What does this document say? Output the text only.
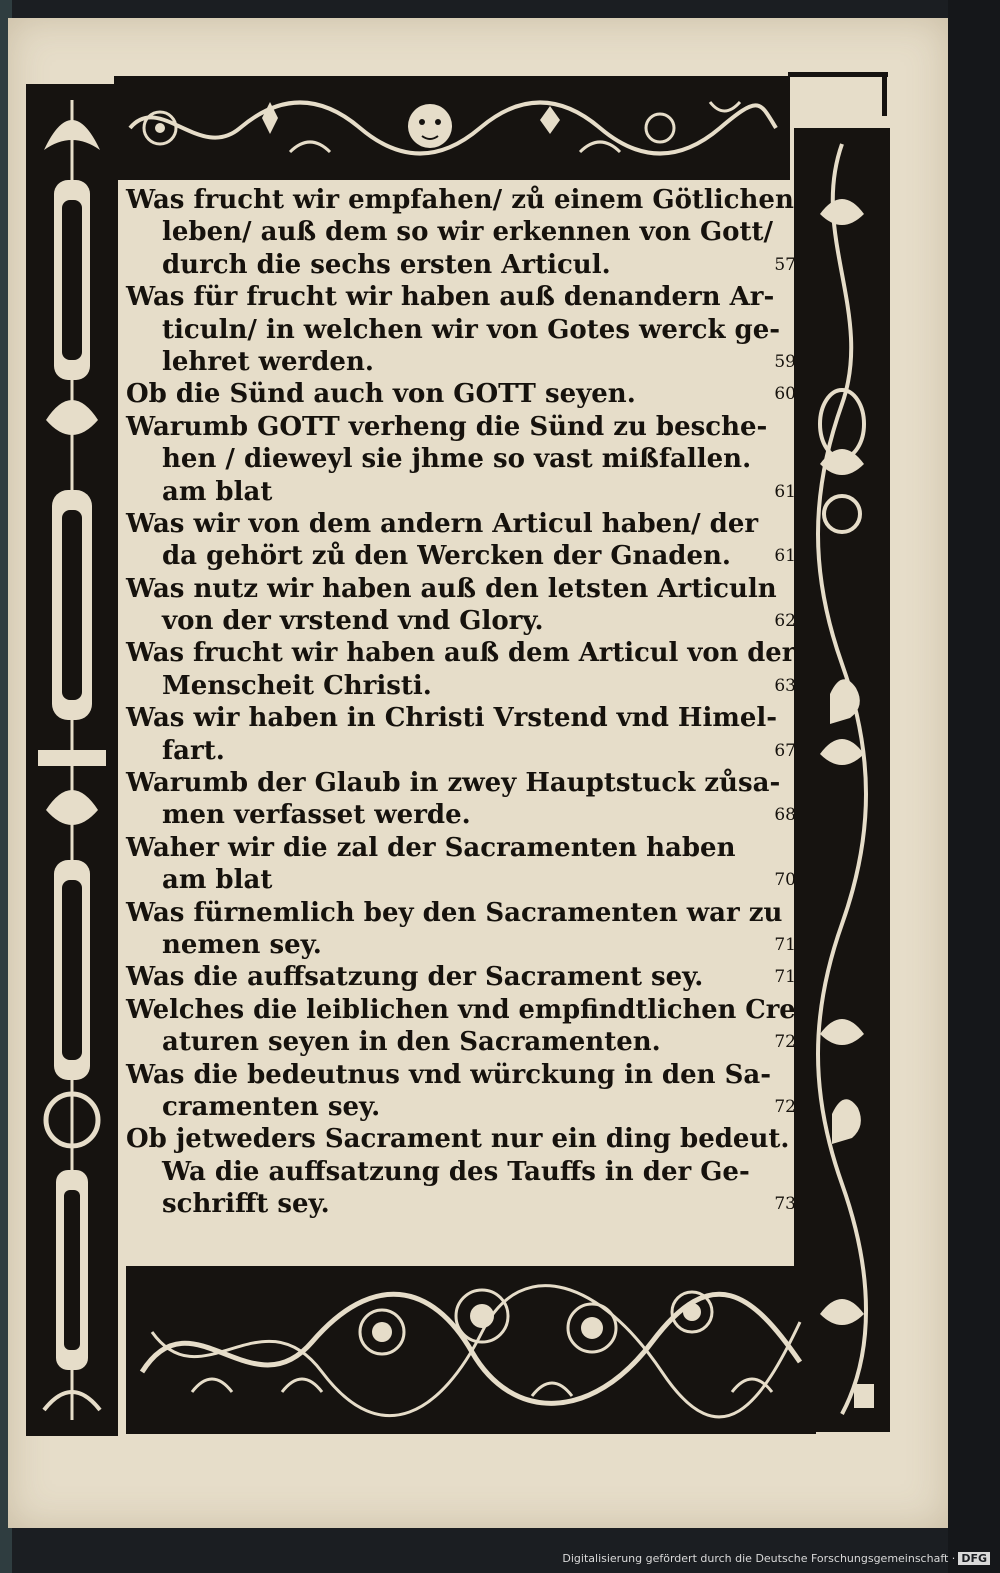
Was frucht wir empfahen/ zů einem Götlichen
leben/ auß dem so wir erkennen von Gott/
durch die sechs ersten Articul.	57
Was für frucht wir haben auß denandern Ar-
ticuln/ in welchen wir von Gotes werck ge-
lehret werden.	59
Ob die Sünd auch von GOTT seyen.	60
Warumb GOTT verheng die Sünd zu besche-
hen / dieweyl sie jhme so vast mißfallen.
am blat	61
Was wir von dem andern Articul haben/ der
da gehört zů den Wercken der Gnaden.	61
Was nutz wir haben auß den letsten Articuln
von der vrstend vnd Glory.	62
Was frucht wir haben auß dem Articul von der
Menscheit Christi.	63
Was wir haben in Christi Vrstend vnd Himel-
fart.	67
Warumb der Glaub in zwey Hauptstuck zůsa-
men verfasset werde.	68
Waher wir die zal der Sacramenten haben
am blat	70
Was fürnemlich bey den Sacramenten war zu
nemen sey.	71
Was die auffsatzung der Sacrament sey.	71
Welches die leiblichen vnd empfindtlichen Cre
aturen seyen in den Sacramenten.	72
Was die bedeutnus vnd würckung in den Sa-
cramenten sey.	72
Ob jetweders Sacrament nur ein ding bedeut.
Wa die auffsatzung des Tauffs in der Ge-
schrifft sey.	73
Digitalisierung gefördert durch die Deutsche Forschungsgemeinschaft · DFG
